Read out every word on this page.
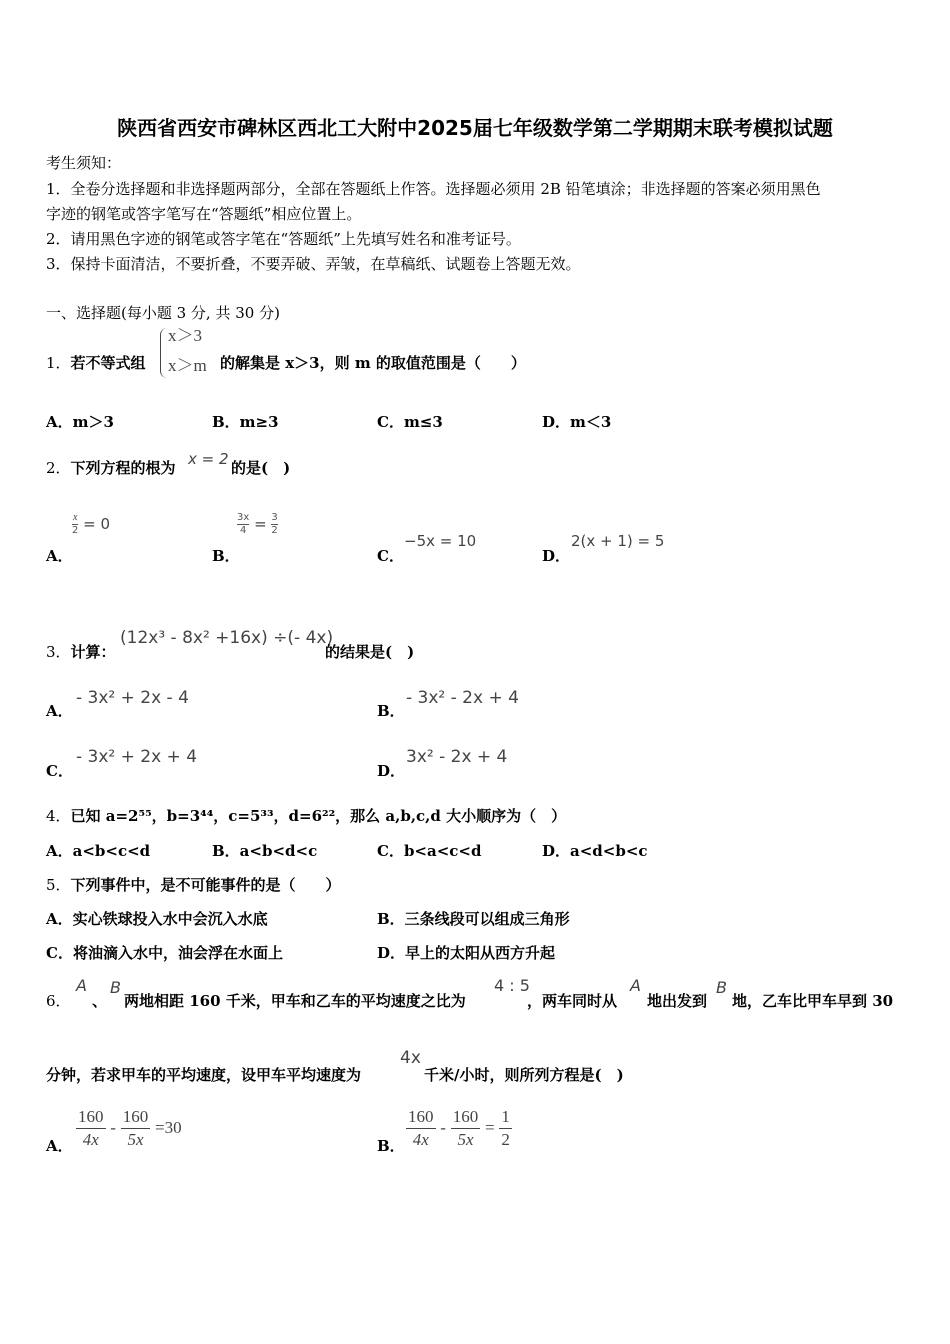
陕西省西安市碑林区西北工大附中2025届七年级数学第二学期期末联考模拟试题
考生须知：
1．全卷分选择题和非选择题两部分，全部在答题纸上作答。选择题必须用 2B 铅笔填涂；非选择题的答案必须用黑色
字迹的钢笔或答字笔写在“答题纸”相应位置上。
2．请用黑色字迹的钢笔或答字笔在“答题纸”上先填写姓名和准考证号。
3．保持卡面清洁，不要折叠，不要弄破、弄皱，在草稿纸、试题卷上答题无效。
一、选择题(每小题 3 分, 共 30 分)
1．若不等式组
x＞3
x＞m 的解集是 x＞3，则 m 的取值范围是（　　）
A．m＞3	B．m≥3	C．m≤3	D．m＜3
2．下列方程的根为 x = 2 的是(　)
A．
$\frac{x}{2} = 0$
B．
$\frac{3x}{4} = \frac{3}{2}$
C．
−5x = 10
D．
2(x + 1) = 5
3．计算：
(12x³ - 8x² +16x) ÷(- 4x)
的结果是(　)
A．
- 3x² + 2x - 4
B．
- 3x² - 2x + 4
C．
- 3x² + 2x + 4
D．
3x² - 2x + 4
4．已知 a=2⁵⁵，b=3⁴⁴，c=5³³，d=6²²，那么 a,b,c,d 大小顺序为（　）
A．a<b<c<d	B．a<b<d<c	C．b<a<c<d	D．a<d<b<c
5．下列事件中，是不可能事件的是（　　）
A．实心铁球投入水中会沉入水底	B．三条线段可以组成三角形
C．将油滴入水中，油会浮在水面上	D．早上的太阳从西方升起
6．
A
、
B
两地相距 160 千米，甲车和乙车的平均速度之比为
4 : 5
，两车同时从
A
地出发到
B
地，乙车比甲车早到 30
分钟，若求甲车的平均速度，设甲车平均速度为
4x
千米/小时，则所列方程是(　)
A． $\frac{160}{4x} - \frac{160}{5x} =30$
B． $\frac{160}{4x} - \frac{160}{5x} = \frac{1}{2}$
